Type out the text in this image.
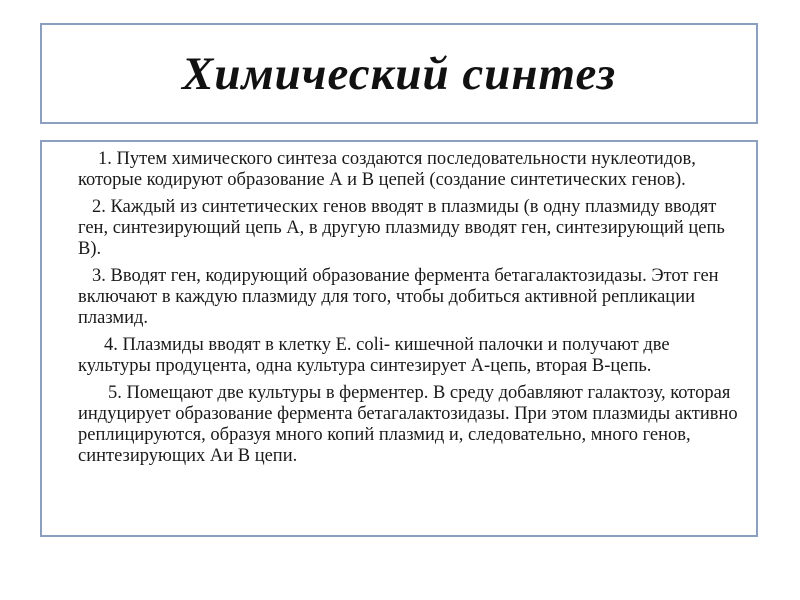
Химический синтез

1. Путем химического синтеза создаются последовательности нуклеотидов, которые кодируют образование А и В цепей (создание синтетических генов).

2. Каждый из синтетических генов вводят в плазмиды (в одну плазмиду вводят ген, синтезирующий цепь А, в другую плазмиду вводят ген, синтезирующий цепь В).

3. Вводят ген, кодирующий образование фермента бетагалактозидазы. Этот ген включают в каждую плазмиду для того, чтобы добиться активной репликации плазмид.

4. Плазмиды вводят в клетку E. coli- кишечной палочки и получают две культуры продуцента, одна культура синтезирует А-цепь, вторая В-цепь.

5. Помещают две культуры в ферментер. В среду добавляют галактозу, которая индуцирует образование фермента бетагалактозидазы. При этом плазмиды активно реплицируются, образуя много копий плазмид и, следовательно, много генов, синтезирующих Аи В цепи.
